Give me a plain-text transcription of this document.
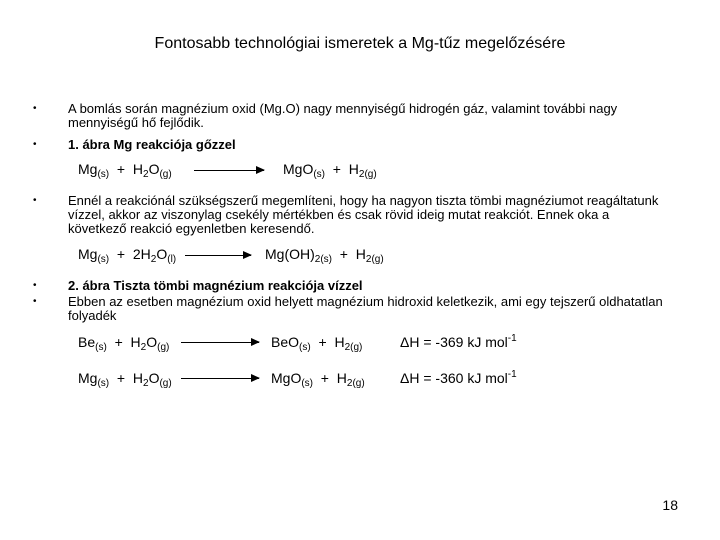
Fontosabb technológiai ismeretek a Mg-tűz megelőzésére
•
•
•
•
•
A bomlás során magnézium oxid (Mg.O) nagy mennyiségű hidrogén gáz, valamint további nagy mennyiségű hő fejlődik.
1. ábra Mg reakciója gőzzel
Ennél a reakciónál szükségszerű megemlíteni, hogy ha nagyon tiszta tömbi magnéziumot reagáltatunk vízzel, akkor az viszonylag csekély mértékben és csak rövid ideig mutat reakciót. Ennek oka a következő reakció egyenletben keresendő.
2. ábra Tiszta tömbi magnézium reakciója vízzel
Ebben az esetben magnézium oxid helyett magnézium hidroxid keletkezik, ami egy tejszerű oldhatatlan folyadék
$Mg_{(s)} + H_2O_{(g)}$	$MgO_{(s)} + H_{2(g)}$
$Mg_{(s)} + 2H_2O_{(l)}$	$Mg(OH)_{2(s)} + H_{2(g)}$
$Be_{(s)} + H_2O_{(g)}$	$BeO_{(s)} + H_{2(g)}$	ΔH = -369 kJ mol$^{-1}$
$Mg_{(s)} + H_2O_{(g)}$	$MgO_{(s)} + H_{2(g)}$	ΔH = -360 kJ mol$^{-1}$
18
